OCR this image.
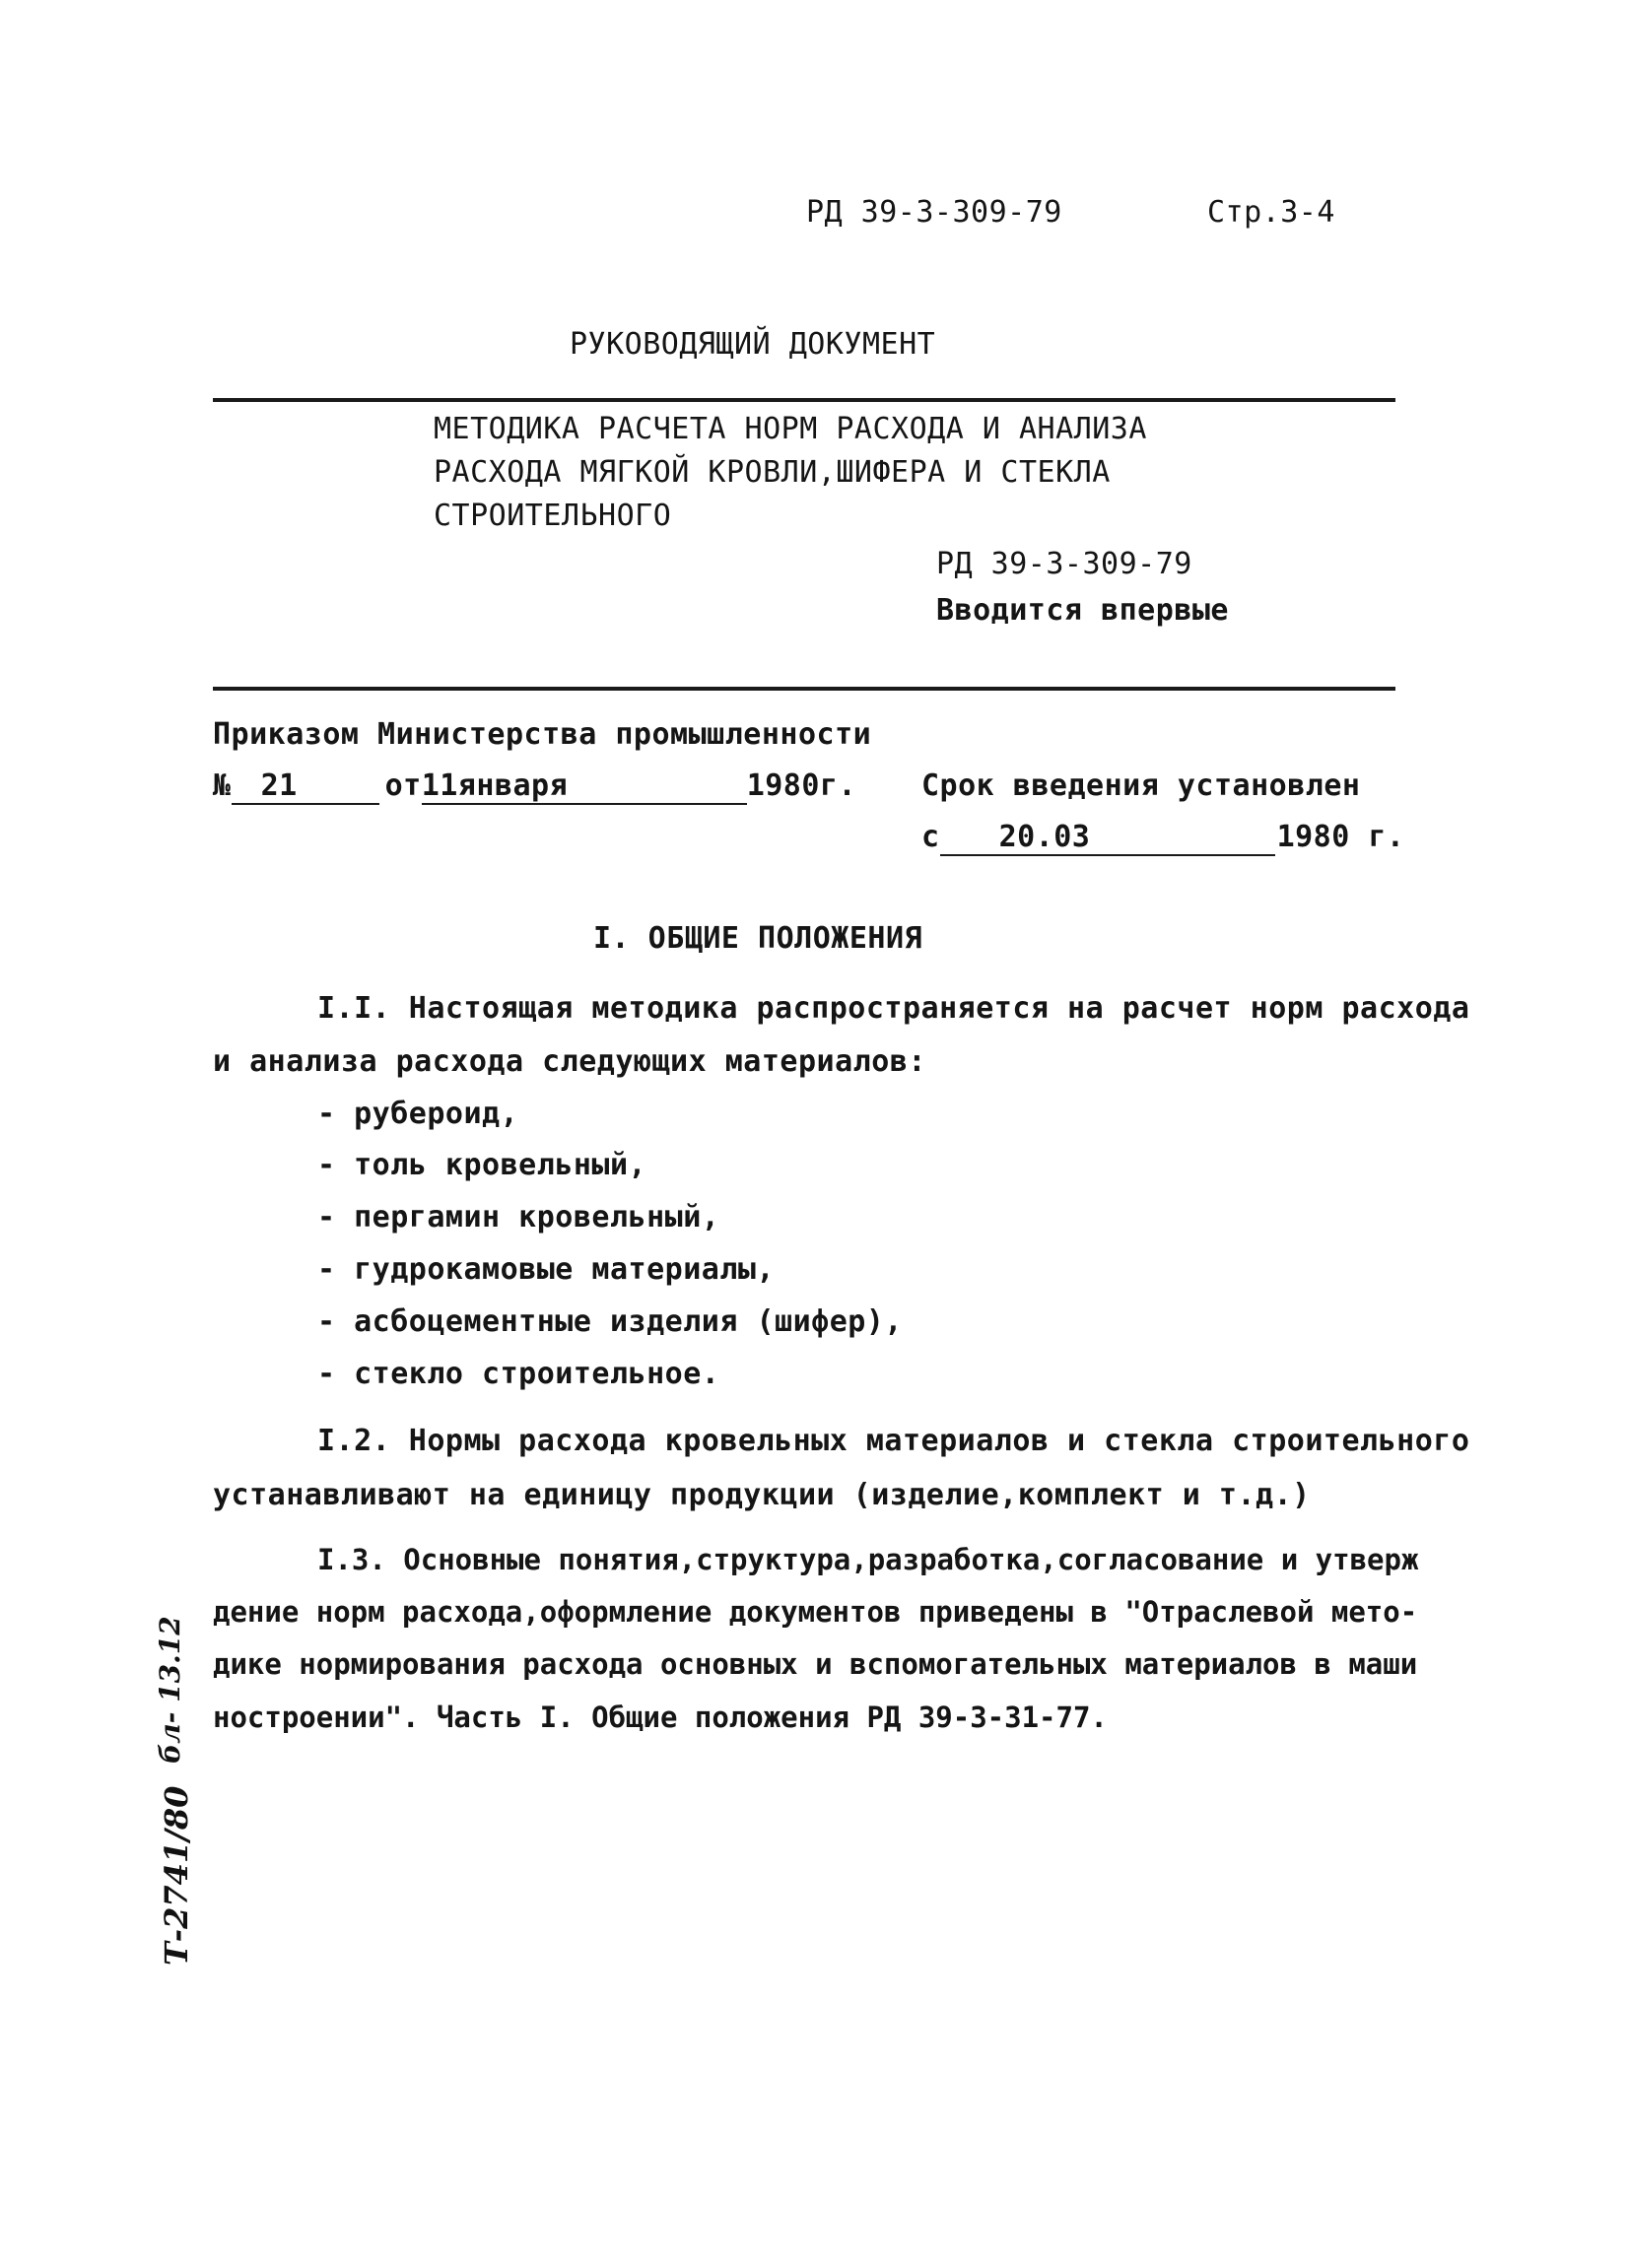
РД 39-3-309-79	Стр.3-4
РУКОВОДЯЩИЙ ДОКУМЕНТ
МЕТОДИКА РАСЧЕТА НОРМ РАСХОДА И АНАЛИЗА
РАСХОДА МЯГКОЙ КРОВЛИ,ШИФЕРА И СТЕКЛА
СТРОИТЕЛЬНОГО
РД 39-3-309-79
Вводится впервые
Приказом Министерства промышленности
№ 21	от11января	1980г. Срок введения установлен
с 20.03	1980 г.
I. ОБЩИЕ ПОЛОЖЕНИЯ
I.I. Настоящая методика распространяется на расчет норм расхода
и анализа расхода следующих материалов:
- рубероид,
- толь кровельный,
- пергамин кровельный,
- гудрокамовые материалы,
- асбоцементные изделия (шифер),
- стекло строительное.
I.2. Нормы расхода кровельных материалов и стекла строительного
устанавливают на единицу продукции (изделие,комплект и т.д.)
I.3. Основные понятия,структура,разработка,согласование и утверж
дение норм расхода,оформление документов приведены в "Отраслевой мето-
дике нормирования расхода основных и вспомогательных материалов в маши
ностроении". Часть I. Общие положения РД 39-3-31-77.
Т-2741/80
бл- 13.12
